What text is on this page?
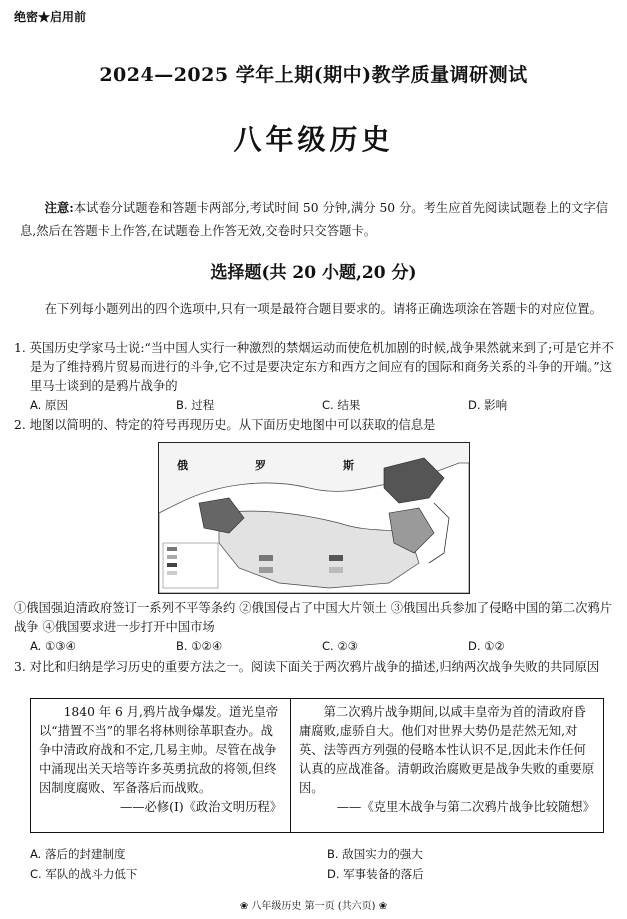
绝密★启用前
2024—2025 学年上期(期中)教学质量调研测试
八年级历史
注意:本试卷分试题卷和答题卡两部分,考试时间 50 分钟,满分 50 分。考生应首先阅读试题卷上的文字信息,然后在答题卡上作答,在试题卷上作答无效,交卷时只交答题卡。
选择题(共 20 小题,20 分)
在下列每小题列出的四个选项中,只有一项是最符合题目要求的。请将正确选项涂在答题卡的对应位置。
1. 英国历史学家马士说:“当中国人实行一种激烈的禁烟运动而使危机加剧的时候,战争果然就来到了;可是它并不是为了维持鸦片贸易而进行的斗争,它不过是要决定东方和西方之间应有的国际和商务关系的斗争的开端。”这里马士谈到的是鸦片战争的
A. 原因	B. 过程	C. 结果	D. 影响
2. 地图以简明的、特定的符号再现历史。从下面历史地图中可以获取的信息是
俄	罗	斯
①俄国强迫清政府签订一系列不平等条约 ②俄国侵占了中国大片领土 ③俄国出兵参加了侵略中国的第二次鸦片战争 ④俄国要求进一步打开中国市场
A. ①③④	B. ①②④	C. ②③	D. ①②
3. 对比和归纳是学习历史的重要方法之一。阅读下面关于两次鸦片战争的描述,归纳两次战争失败的共同原因
1840 年 6 月,鸦片战争爆发。道光皇帝以“措置不当”的罪名将林则徐革职查办。战争中清政府战和不定,几易主帅。尽管在战争中涌现出关天培等许多英勇抗敌的将领,但终因制度腐败、军备落后而战败。
——必修(Ⅰ)《政治文明历程》
第二次鸦片战争期间,以咸丰皇帝为首的清政府昏庸腐败,虚骄自大。他们对世界大势仍是茫然无知,对英、法等西方列强的侵略本性认识不足,因此未作任何认真的应战准备。清朝政治腐败更是战争失败的重要原因。
——《克里木战争与第二次鸦片战争比较随想》
A. 落后的封建制度	B. 敌国实力的强大
C. 军队的战斗力低下	D. 军事装备的落后
❀ 八年级历史 第一页 (共六页) ❀
